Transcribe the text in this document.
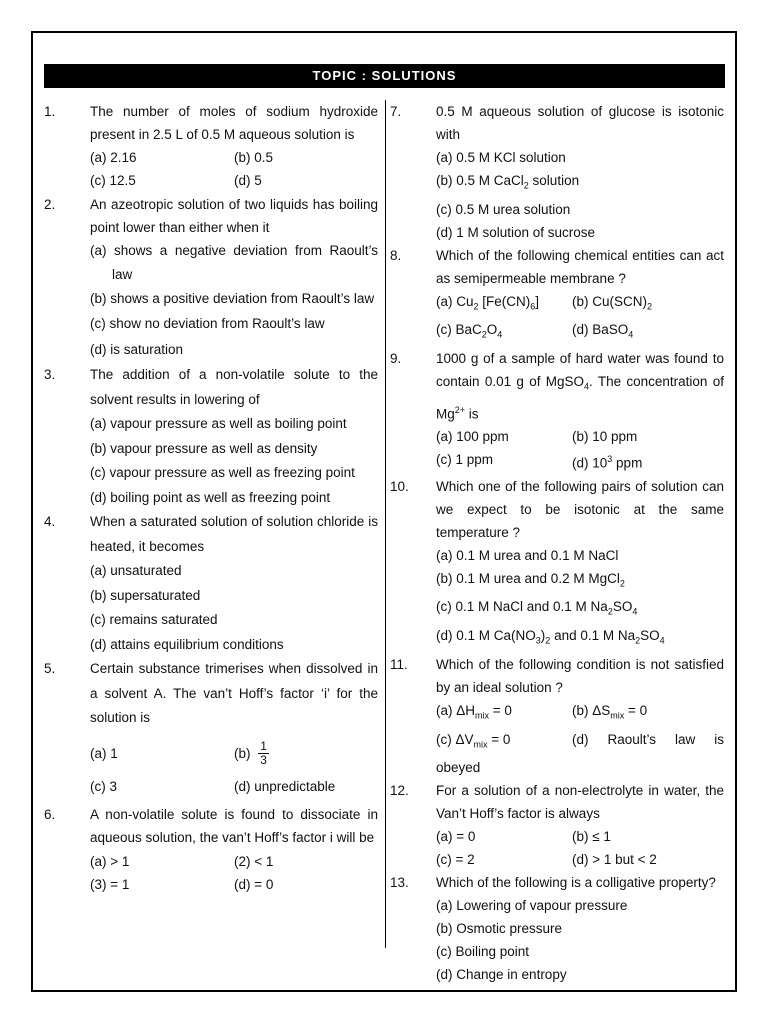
TOPIC : SOLUTIONS
1.	The number of moles of sodium hydroxide present in 2.5 L of 0.5 M aqueous solution is
(a) 2.16	(b) 0.5
(c) 12.5	(d) 5
2.	An azeotropic solution of two liquids has boiling point lower than either when it
(a) shows a negative deviation from Raoult’s law
(b) shows a positive deviation from Raoult’s law
(c) show no deviation from Raoult’s law
(d) is saturation
3.	The addition of a non-volatile solute to the solvent results in lowering of
(a) vapour pressure as well as boiling point
(b) vapour pressure as well as density
(c) vapour pressure as well as freezing point
(d) boiling point as well as freezing point
4.	When a saturated solution of solution chloride is heated, it becomes
(a) unsaturated
(b) supersaturated
(c) remains saturated
(d) attains equilibrium conditions
5.	Certain substance trimerises when dissolved in a solvent A. The van’t Hoff’s factor ‘i’ for the solution is
(a) 1	$(b) \frac{1}{3}$
(c) 3	(d) unpredictable
6.	A non-volatile solute is found to dissociate in aqueous solution, the van’t Hoff’s factor i will be
(a) > 1	(2) < 1
(3) = 1	(d) = 0
7.	0.5 M aqueous solution of glucose is isotonic with
(a) 0.5 M KCl solution
(b) 0.5 M CaCl$_2$ solution
(c) 0.5 M urea solution
(d) 1 M solution of sucrose
8.	Which of the following chemical entities can act as semipermeable membrane ?
(a) $Cu_2$ $[Fe(CN)_6]$	(b) $Cu(SCN)_2$
(c) $BaC_2O_4$	(d) BaSO$_4$
9.	1000 g of a sample of hard water was found to contain 0.01 g of MgSO$_4$. The concentration of $Mg^{2+}$ is
(a) 100 ppm	(b) 10 ppm
(c) 1 ppm	(d) $10^3$ ppm
10. Which one of the following pairs of solution can we expect to be isotonic at the same temperature ?
(a) 0.1 M urea and 0.1 M NaCl
(b) 0.1 M urea and 0.2 M MgCl$_2$
(c) 0.1 M NaCl and 0.1 M $Na_2SO_4$
(d) 0.1 M $Ca(NO_3)_2$ and 0.1 M $Na_2SO_4$
11. Which of the following condition is not satisfied by an ideal solution ?
(a) $\Delta H_{mix} = 0$	(b) $\Delta S_{mix} = 0$
(c) $\Delta V_{mix} = 0$	(d) Raoult’s law is
obeyed
12. For a solution of a non-electrolyte in water, the Van’t Hoff’s factor is always
(a) = 0	(b) ≤ 1
(c) = 2	(d) > 1 but < 2
13. Which of the following is a colligative property?
(a) Lowering of vapour pressure
(b) Osmotic pressure
(c) Boiling point
(d) Change in entropy
